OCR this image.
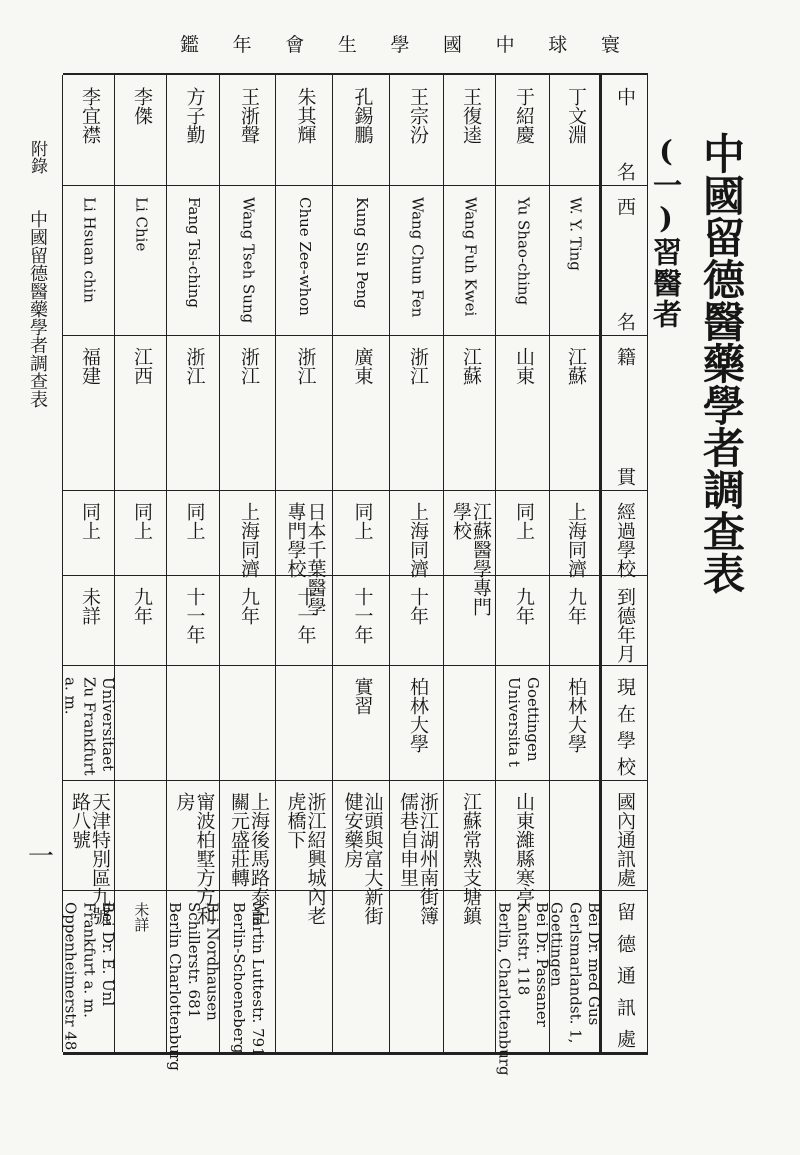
寰
球
中
國
學
生
會
年
鑑
中國留德醫藥學者調查表
(一)習醫者
附錄
中國留德醫藥學者調查表
一
中名
西名
籍貫
經過學校
到德年月
現在學校
國內通訊處
留德通訊處
丁文淵
W. Y. Ting
江蘇
上海同濟
九年
柏林大學
Bei Dr. med Gus
Gerlsmarlandst. 1,
Goettingen
于紹慶
Yu Shao-ching
山東
同上
九年
Goettingen
Universita t
山東濰縣寒亭
Bei Dr. Passaner
Kantstr. 118
Berlin, Charlottenburg
王復逵
Wang Fuh Kwei
江蘇
江蘇醫學專門
學校
江蘇常熟支塘鎮
王宗汾
Wang Chun Fen
浙江
上海同濟
十年
柏林大學
浙江湖州南街簿
儒巷自申里
孔錫鵬
Kung Siu Peng
廣東
同上
十一年
實習
汕頭與富大新街
健安藥房
朱其輝
Chue Zee-whon
浙江
日本千葉醫學
專門學校
十一年
浙江紹興城內老
虎橋下
王浙聲
Wang Tseh Sung
浙江
上海同濟
九年
上海後馬路泰記
關元盛莊轉
Martin Luttestr. 791
Berlin-Schoeneberg
方子勤
Fang Tsi-ching
浙江
同上
十一年
甯波柏墅方方利
房
B i Nordhausen
Schillerstr. 681
Berlin Charlottenburg
李傑
Li Chie
江西
同上
九年
未詳
李宜襟
Li Hsuan chin
福建
同上
未詳
Universitaet
Zu Frankfurt
a. m.
天津特別區九號
路八號
Bei Dr. E. Unl
Frankfurt a. m.
Oppenheimerstr 48
